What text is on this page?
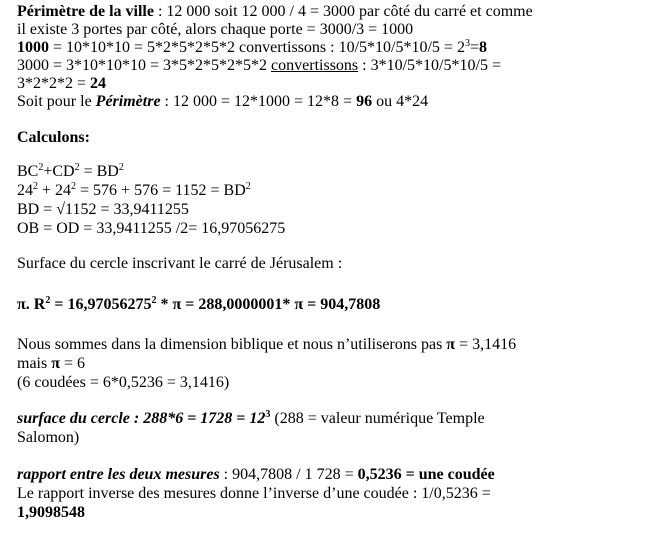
Périmètre de la ville : 12 000 soit 12 000 / 4 = 3000 par côté du carré et comme
il existe 3 portes par côté, alors chaque porte = 3000/3 = 1000
1000 = 10*10*10 = 5*2*5*2*5*2 convertissons : $10/5*10/5*10/5 = 2^3=8$
3000 = 3*10*10*10 = 3*5*2*5*2*5*2 convertissons : 3*10/5*10/5*10/5 =
3*2*2*2 = 24
Soit pour le Périmètre : 12 000 = 12*1000 = 12*8 = 96 ou 4*24
Calculons:
$BC^2+CD^2 = BD^2$
$24^2 + 24^2 = 576 + 576 = 1152 = BD^2$
BD = √1152 = 33,9411255
OB = OD = 33,9411255 /2= 16,97056275
Surface du cercle inscrivant le carré de Jérusalem :
π. $R^2 = 16,97056275^2 * \pi = 288,0000001*$ π = 904,7808
Nous sommes dans la dimension biblique et nous n’utiliserons pas π = 3,1416
mais π = 6
(6 coudées = 6*0,5236 = 3,1416)
surface du cercle : $288*6 = 1728 = 12^3$ (288 = valeur numérique Temple
Salomon)
rapport entre les deux mesures : 904,7808 / 1 728 = 0,5236 = une coudée
Le rapport inverse des mesures donne l’inverse d’une coudée : 1/0,5236 =
1,9098548
